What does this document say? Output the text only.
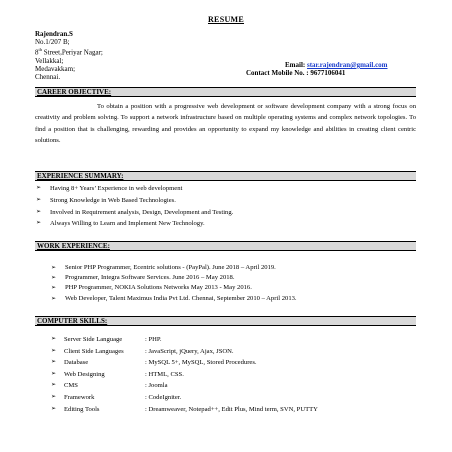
RESUME
Rajendran.S
No.1/207 B;
8th Street,Periyar Nagar;
Vellakkal;
Medavakkam;
Chennai.
Email: star.rajendran@gmail.com
Contact Mobile No. : 9677106041
CAREER OBJECTIVE:
To obtain a position with a progressive web development or software development company with a strong focus on creativity and problem solving. To support a network infrastructure based on multiple operating systems and complex network topologies. To find a position that is challenging, rewarding and provides an opportunity to expand my knowledge and abilities in creating client centric solutions.
EXPERIENCE SUMMARY:
➢ Having 8+ Years’ Experience in web development
➢ Strong Knowledge in Web Based Technologies.
➢ Involved in Requirement analysis, Design, Development and Testing.
➢ Always Willing to Learn and Implement New Technology.
WORK EXPERIENCE:
➢ Senior PHP Programmer, Ecentric solutions - (PayPal). June 2018 – April 2019.
➢ Programmer, Integra Software Services. June 2016 – May 2018.
➢ PHP Programmer, NOKIA Solutions Networks May 2013 - May 2016.
➢ Web Developer, Talent Maximus India Pvt Ltd. Chennai, September 2010 – April 2013.
COMPUTER SKILLS:
➢ Server Side Language	: PHP.
➢ Client Side Languages	: JavaScript, jQuery, Ajax, JSON.
➢ Database	: MySQL 5+, MySQL, Stored Procedures.
➢ Web Designing	: HTML, CSS.
➢ CMS	: Joomla
➢ Framework	: CodeIgniter.
➢ Editing Tools	: Dreamweaver, Notepad++, Edit Plus, Mind term, SVN, PUTTY
